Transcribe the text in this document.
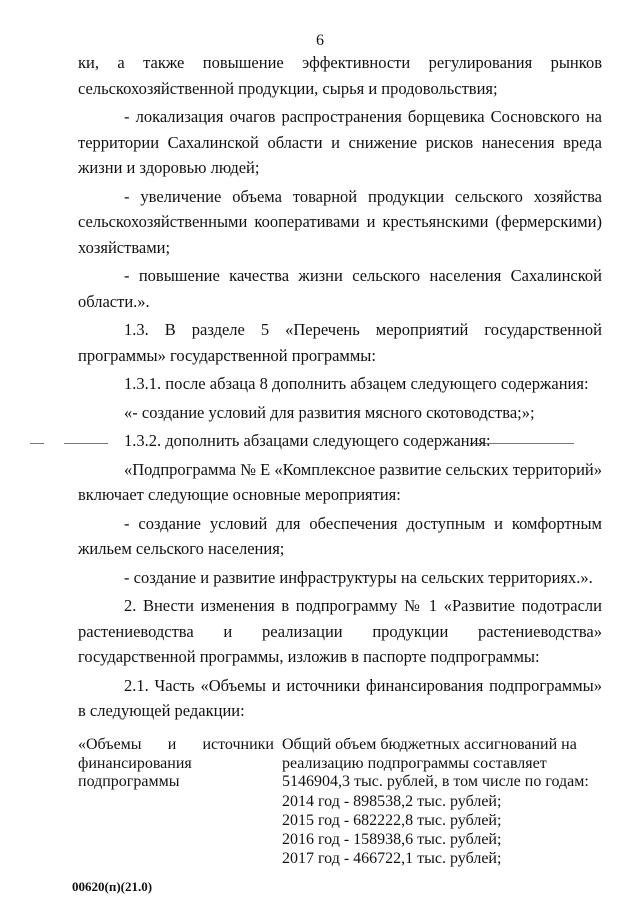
6

ки, а также повышение эффективности регулирования рынков сельскохозяйственной продукции, сырья и продовольствия;

- локализация очагов распространения борщевика Сосновского на территории Сахалинской области и снижение рисков нанесения вреда жизни и здоровью людей;

- увеличение объема товарной продукции сельского хозяйства сельскохозяйственными кооперативами и крестьянскими (фермерскими) хозяйствами;

- повышение качества жизни сельского населения Сахалинской области.».

1.3. В разделе 5 «Перечень мероприятий государственной программы» государственной программы:

1.3.1. после абзаца 8 дополнить абзацем следующего содержания:

«- создание условий для развития мясного скотоводства;»;

1.3.2. дополнить абзацами следующего содержания:

«Подпрограмма № Е «Комплексное развитие сельских территорий» включает следующие основные мероприятия:

- создание условий для обеспечения доступным и комфортным жильем сельского населения;

- создание и развитие инфраструктуры на сельских территориях.».

2. Внести изменения в подпрограмму № 1 «Развитие подотрасли растениеводства и реализации продукции растениеводства» государственной программы, изложив в паспорте подпрограммы:

2.1. Часть «Объемы и источники финансирования подпрограммы» в следующей редакции:

«Объемы и источники финансирования подпрограммы
Общий объем бюджетных ассигнований на реализацию подпрограммы составляет 5146904,3 тыс. рублей, в том числе по годам:
2014 год - 898538,2 тыс. рублей;
2015 год - 682222,8 тыс. рублей;
2016 год - 158938,6 тыс. рублей;
2017 год - 466722,1 тыс. рублей;
00620(п)(21.0)
